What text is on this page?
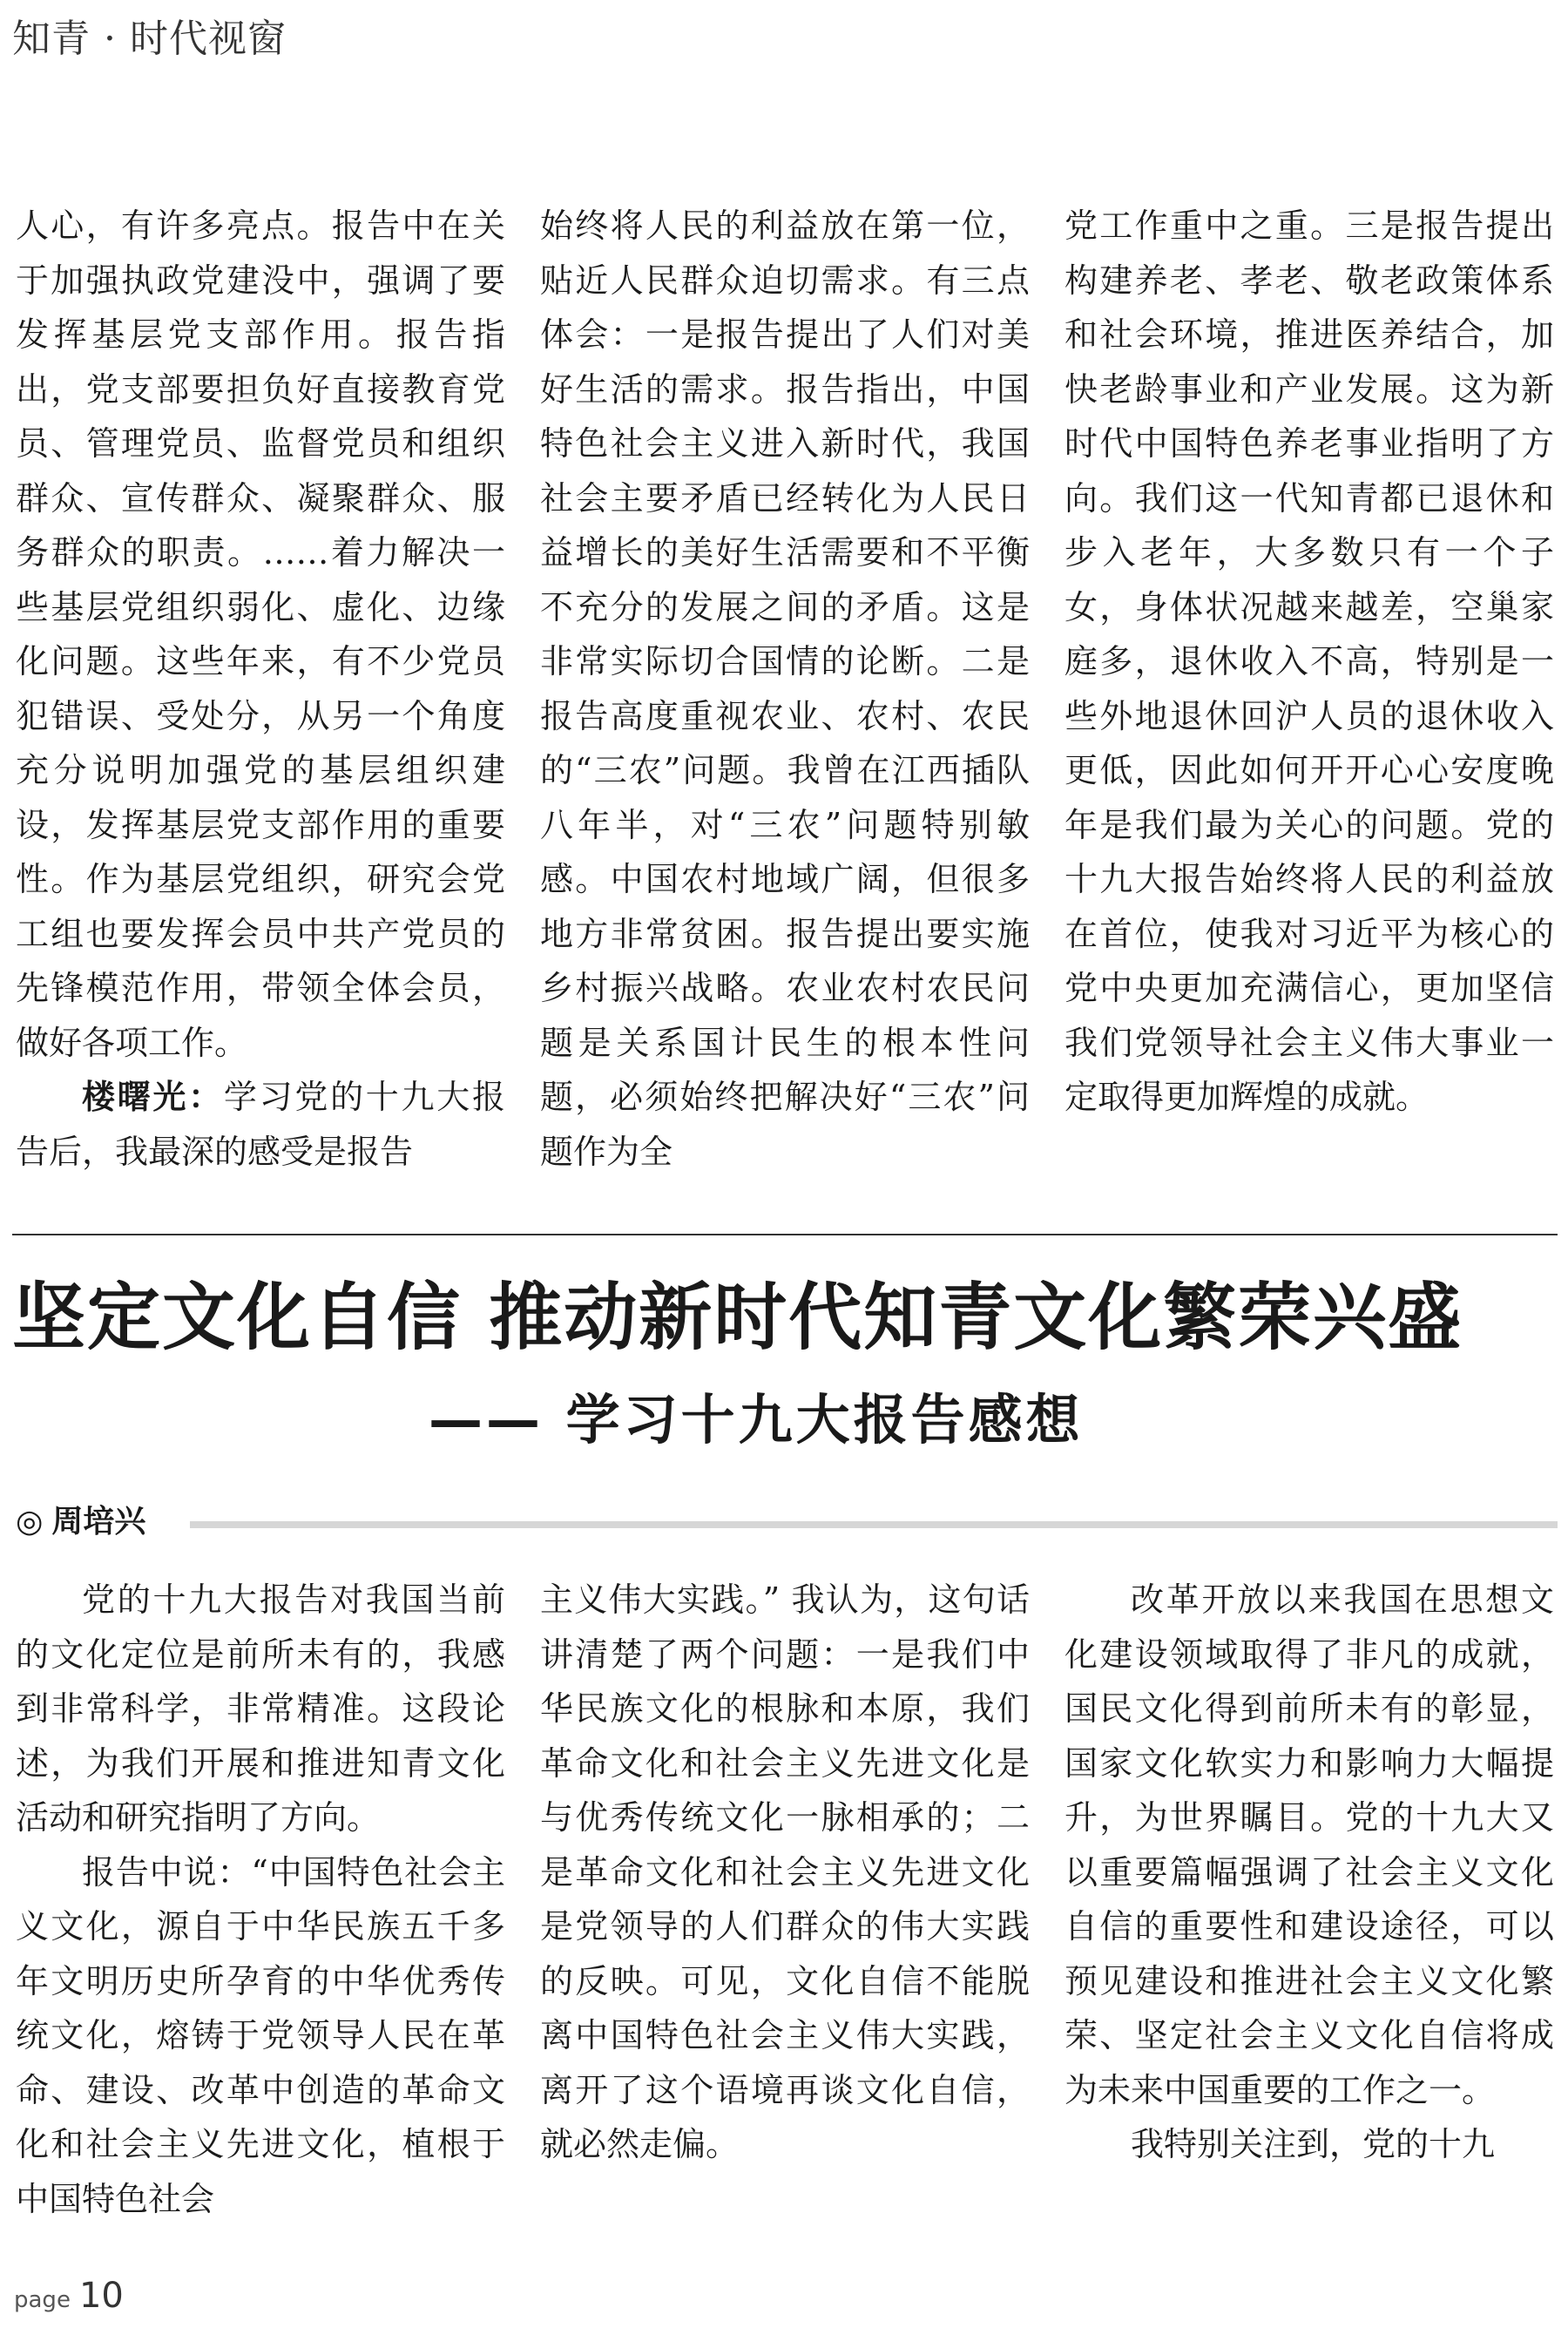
知青 · 时代视窗

人心，有许多亮点。报告中在关于加强执政党建没中，强调了要发挥基层党支部作用。报告指出，党支部要担负好直接教育党员、管理党员、监督党员和组织群众、宣传群众、凝聚群众、服务群众的职责。……着力解决一些基层党组织弱化、虚化、边缘化问题。这些年来，有不少党员犯错误、受处分，从另一个角度充分说明加强党的基层组织建设，发挥基层党支部作用的重要性。作为基层党组织，研究会党工组也要发挥会员中共产党员的先锋模范作用，带领全体会员，做好各项工作。

楼曙光：学习党的十九大报告后，我最深的感受是报告

始终将人民的利益放在第一位，贴近人民群众迫切需求。有三点体会：一是报告提出了人们对美好生活的需求。报告指出，中国特色社会主义进入新时代，我国社会主要矛盾已经转化为人民日益增长的美好生活需要和不平衡不充分的发展之间的矛盾。这是非常实际切合国情的论断。二是报告高度重视农业、农村、农民的“三农”问题。我曾在江西插队八年半，对“三农”问题特别敏感。中国农村地域广阔，但很多地方非常贫困。报告提出要实施乡村振兴战略。农业农村农民问题是关系国计民生的根本性问题，必须始终把解决好“三农”问题作为全

党工作重中之重。三是报告提出构建养老、孝老、敬老政策体系和社会环境，推进医养结合，加快老龄事业和产业发展。这为新时代中国特色养老事业指明了方向。我们这一代知青都已退休和步入老年，大多数只有一个子女，身体状况越来越差，空巢家庭多，退休收入不高，特别是一些外地退休回沪人员的退休收入更低，因此如何开开心心安度晚年是我们最为关心的问题。党的十九大报告始终将人民的利益放在首位，使我对习近平为核心的党中央更加充满信心，更加坚信我们党领导社会主义伟大事业一定取得更加辉煌的成就。

坚定文化自信 推动新时代知青文化繁荣兴盛
—— 学习十九大报告感想
◎ 周培兴

党的十九大报告对我国当前的文化定位是前所未有的，我感到非常科学，非常精准。这段论述，为我们开展和推进知青文化活动和研究指明了方向。

报告中说：“中国特色社会主义文化，源自于中华民族五千多年文明历史所孕育的中华优秀传统文化，熔铸于党领导人民在革命、建设、改革中创造的革命文化和社会主义先进文化，植根于中国特色社会

主义伟大实践。” 我认为，这句话讲清楚了两个问题：一是我们中华民族文化的根脉和本原，我们革命文化和社会主义先进文化是与优秀传统文化一脉相承的；二是革命文化和社会主义先进文化是党领导的人们群众的伟大实践的反映。可见，文化自信不能脱离中国特色社会主义伟大实践，离开了这个语境再谈文化自信，就必然走偏。

改革开放以来我国在思想文化建设领域取得了非凡的成就，国民文化得到前所未有的彰显，国家文化软实力和影响力大幅提升，为世界瞩目。党的十九大又以重要篇幅强调了社会主义文化自信的重要性和建设途径，可以预见建设和推进社会主义文化繁荣、坚定社会主义文化自信将成为未来中国重要的工作之一。

我特别关注到，党的十九

page 10
